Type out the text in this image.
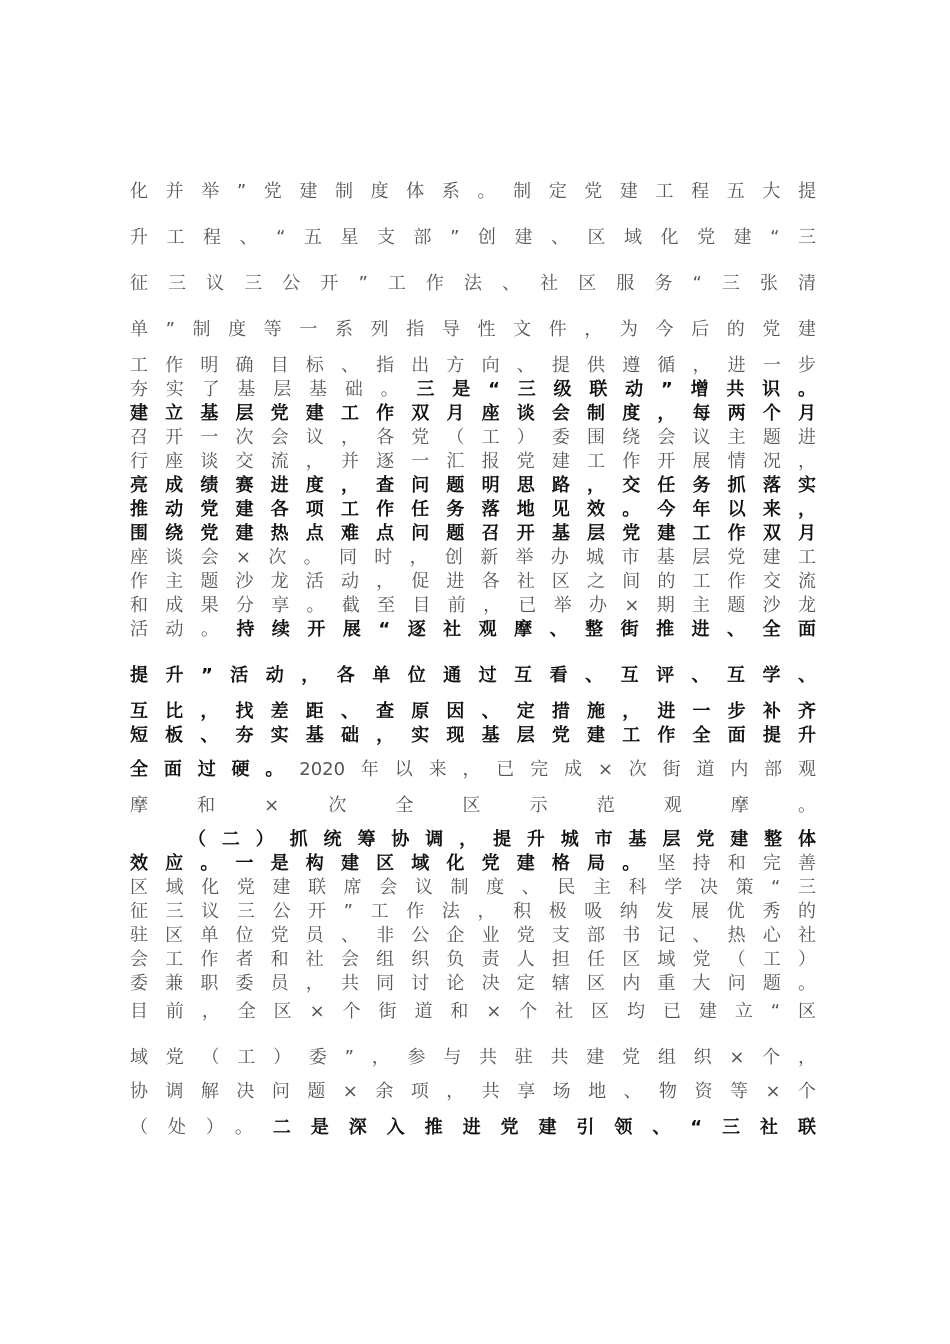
化并举”党建制度体系。制定党建工程五大提
升工程、“五星支部”创建、区域化党建“三
征三议三公开”工作法、社区服务“三张清
单”制度等一系列指导性文件，为今后的党建
工作明确目标、指出方向、提供遵循，进一步
夯实了基层基础。三是“三级联动”增共识。
建立基层党建工作双月座谈会制度，每两个月
召开一次会议，各党（工）委围绕会议主题进
行座谈交流，并逐一汇报党建工作开展情况，
亮成绩赛进度，查问题明思路，交任务抓落实
推动党建各项工作任务落地见效。今年以来，
围绕党建热点难点问题召开基层党建工作双月
座谈会×次。同时，创新举办城市基层党建工
作主题沙龙活动，促进各社区之间的工作交流
和成果分享。截至目前，已举办×期主题沙龙
活动。持续开展“逐社观摩、整街推进、全面
提升”活动，各单位通过互看、互评、互学、
互比，找差距、查原因、定措施，进一步补齐
短板、夯实基础，实现基层党建工作全面提升
全面过硬。2020年以来，已完成×次街道内部观
摩和×次全区示范观摩。
（二）抓统筹协调，提升城市基层党建整体
效应。一是构建区域化党建格局。坚持和完善
区域化党建联席会议制度、民主科学决策“三
征三议三公开”工作法，积极吸纳发展优秀的
驻区单位党员、非公企业党支部书记、热心社
会工作者和社会组织负责人担任区域党（工）
委兼职委员，共同讨论决定辖区内重大问题。
目前，全区×个街道和×个社区均已建立“区
域党（工）委”，参与共驻共建党组织×个，
协调解决问题×余项，共享场地、物资等×个
（处）。二是深入推进党建引领、“三社联
